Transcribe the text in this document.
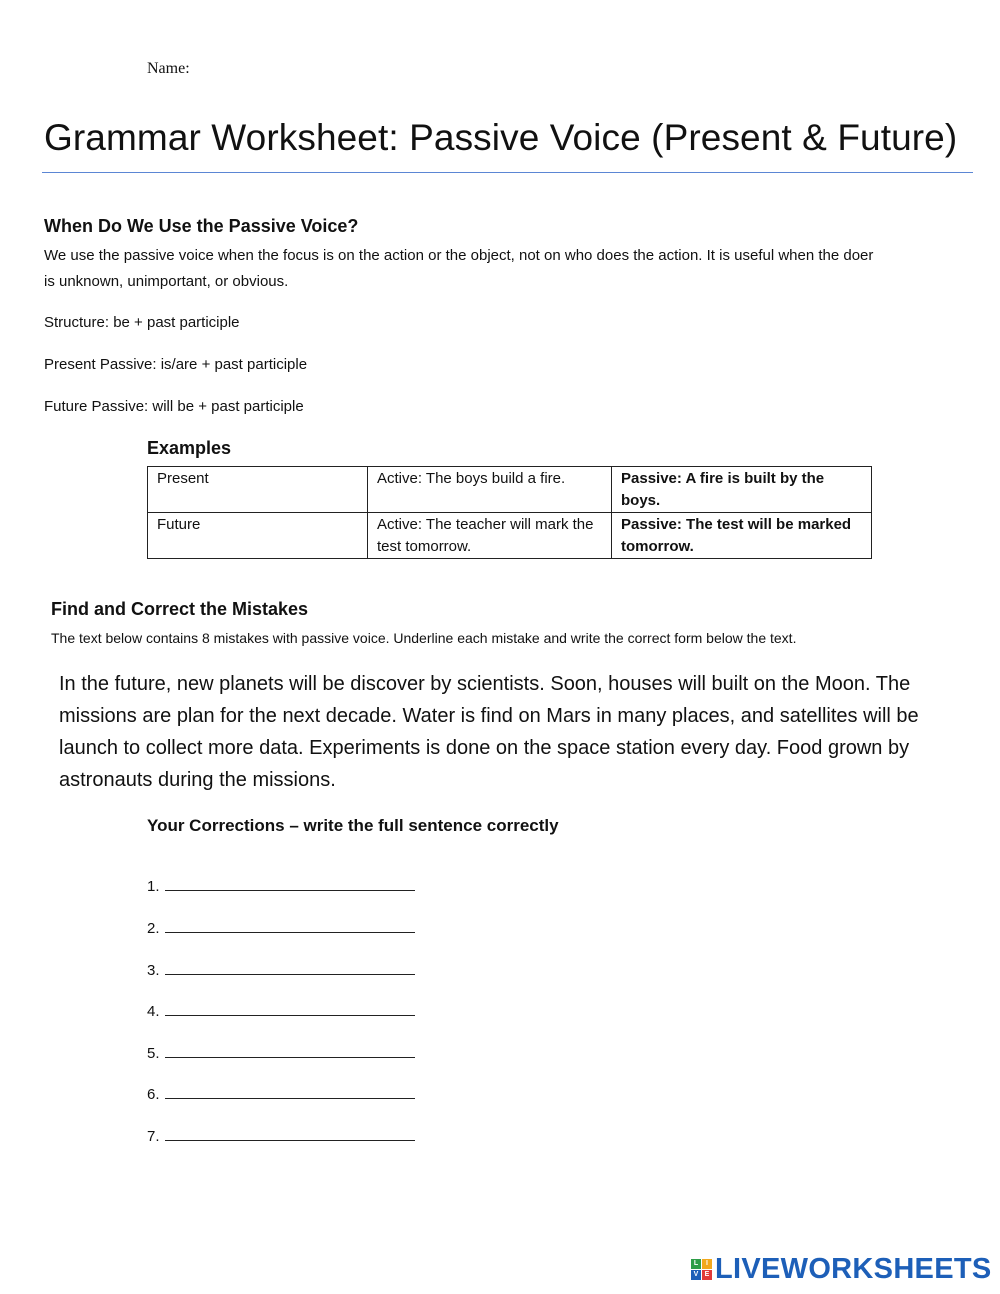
Name:
Grammar Worksheet: Passive Voice (Present & Future)
When Do We Use the Passive Voice?

We use the passive voice when the focus is on the action or the object, not on who does the action. It is useful when the doer
is unknown, unimportant, or obvious.

Structure: be + past participle
Present Passive: is/are + past participle
Future Passive: will be + past participle
Examples
Present	Active: The boys build a fire.	Passive: A fire is built by the boys.
Future	Active: The teacher will mark the test tomorrow.	Passive: The test will be marked tomorrow.
Find and Correct the Mistakes
The text below contains 8 mistakes with passive voice. Underline each mistake and write the correct form below the text.

In the future, new planets will be discover by scientists. Soon, houses will built on the Moon. The missions are plan for the next decade. Water is find on Mars in many places, and satellites will be launch to collect more data. Experiments is done on the space station every day. Food grown by astronauts during the missions.

Your Corrections – write the full sentence correctly
1.
2.
3.
4.
5.
6.
7.
L	I
V E LIVEWORKSHEETS
